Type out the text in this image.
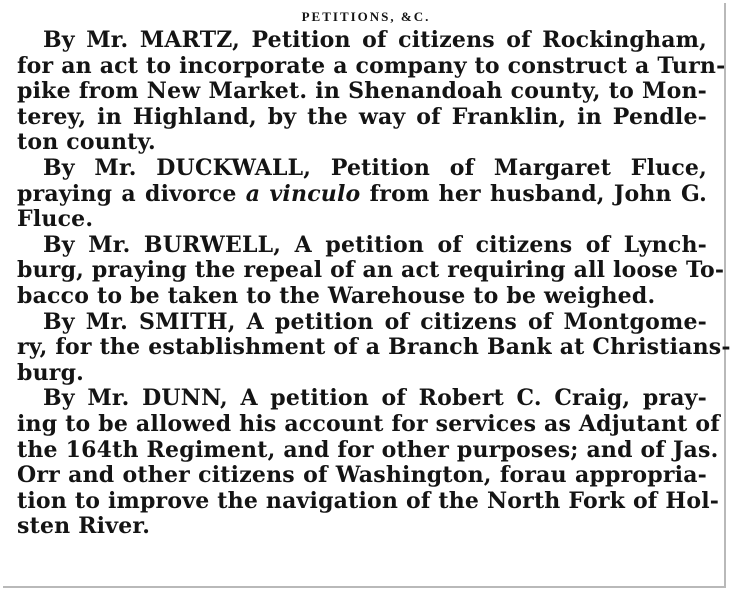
PETITIONS, &C.

By Mr. MARTZ, Petition of citizens of Rockingham,
for an act to incorporate a company to construct a Turn-
pike from New Market. in Shenandoah county, to Mon-
terey, in Highland, by the way of Franklin, in Pendle-
ton county.

By Mr. DUCKWALL, Petition of Margaret Fluce,
praying a divorce a vinculo from her husband, John G.
Fluce.

By Mr. BURWELL, A petition of citizens of Lynch-
burg, praying the repeal of an act requiring all loose To-
bacco to be taken to the Warehouse to be weighed.

By Mr. SMITH, A petition of citizens of Montgome-
ry, for the establishment of a Branch Bank at Christians-
burg.

By Mr. DUNN, A petition of Robert C. Craig, pray-
ing to be allowed his account for services as Adjutant of
the 164th Regiment, and for other purposes; and of Jas.
Orr and other citizens of Washington, forau appropria-
tion to improve the navigation of the North Fork of Hol-
sten River.
